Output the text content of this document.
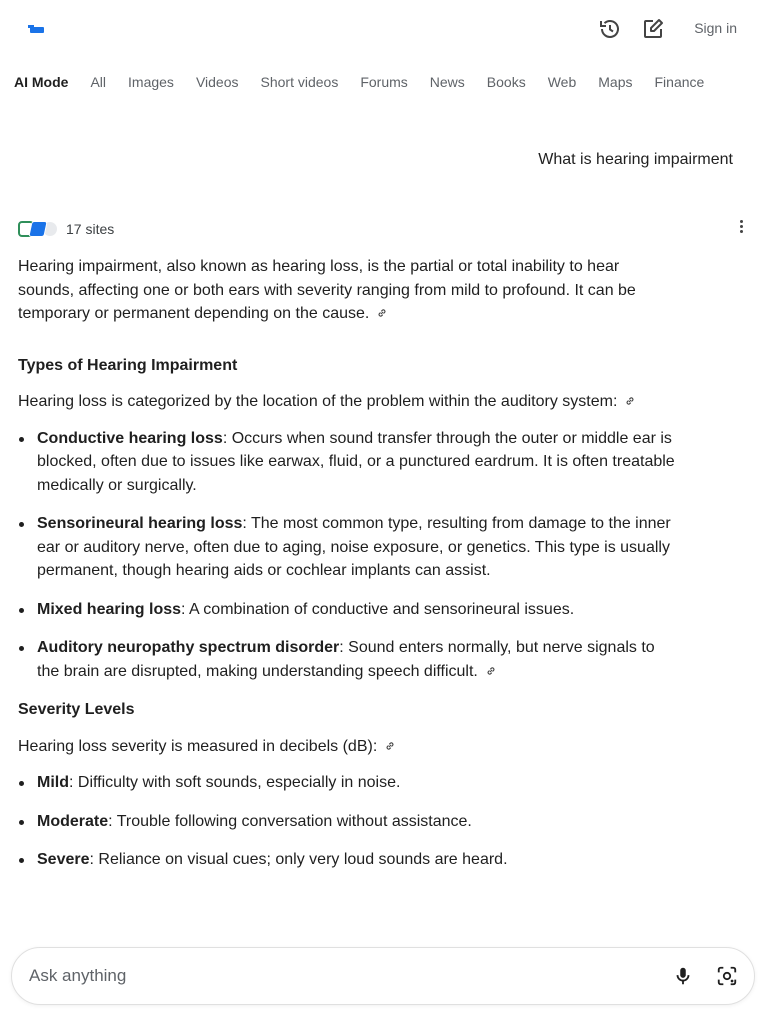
Sign in
AI Mode All Images Videos Short videos Forums News Books Web Maps Finance
What is hearing impairment
17 sites

Hearing impairment, also known as hearing loss, is the partial or total inability to hear sounds, affecting one or both ears with severity ranging from mild to profound. It can be temporary or permanent depending on the cause.

Types of Hearing Impairment

Hearing loss is categorized by the location of the problem within the auditory system:

Conductive hearing loss: Occurs when sound transfer through the outer or middle ear is blocked, often due to issues like earwax, fluid, or a punctured eardrum. It is often treatable medically or surgically.
Sensorineural hearing loss: The most common type, resulting from damage to the inner ear or auditory nerve, often due to aging, noise exposure, or genetics. This type is usually permanent, though hearing aids or cochlear implants can assist.
Mixed hearing loss: A combination of conductive and sensorineural issues.
Auditory neuropathy spectrum disorder: Sound enters normally, but nerve signals to the brain are disrupted, making understanding speech difficult.

Severity Levels

Hearing loss severity is measured in decibels (dB):

Mild: Difficulty with soft sounds, especially in noise.
Moderate: Trouble following conversation without assistance.
Severe: Reliance on visual cues; only very loud sounds are heard.
Ask anything
